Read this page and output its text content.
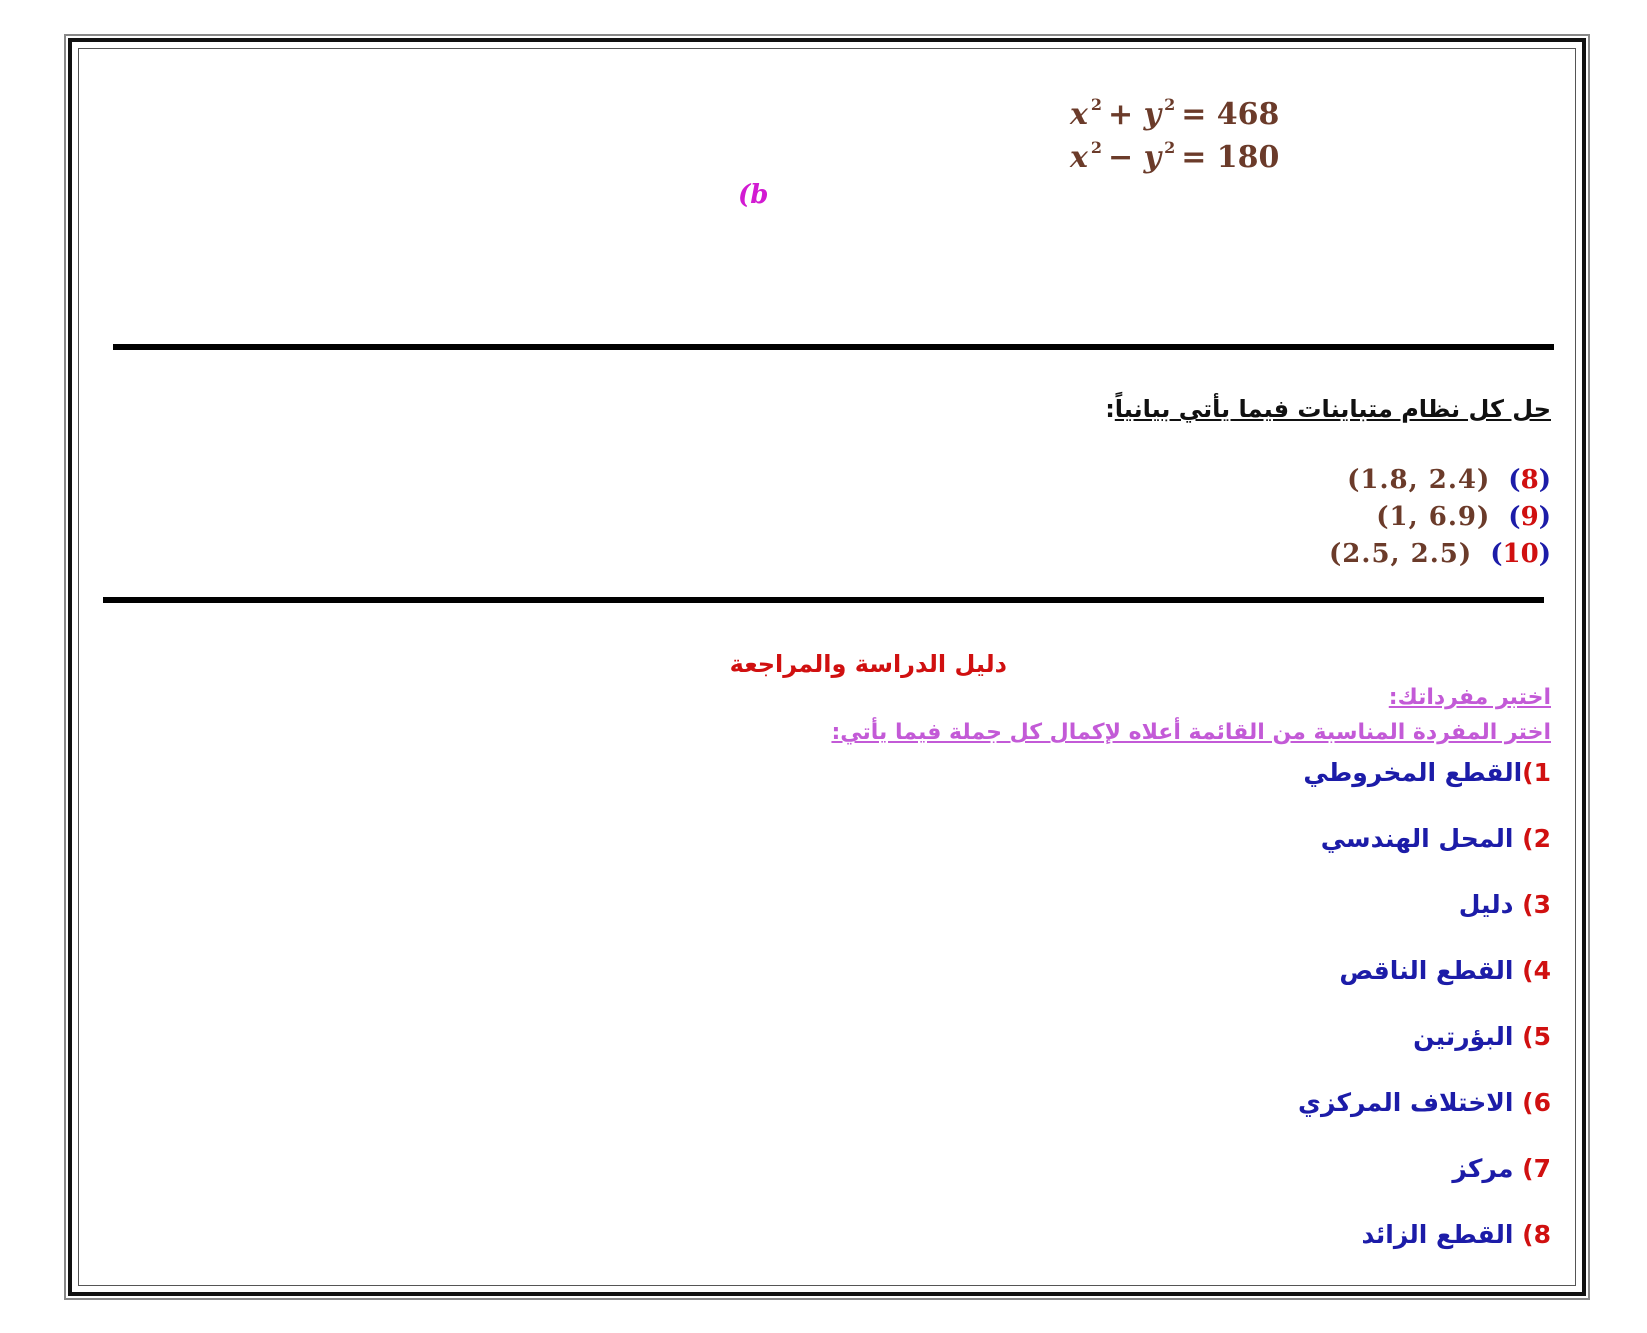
x $^2$ + y $^2$ = 468
x $^2$ − y $^2$ = 180
(b
حل كل نظام متباينات فيما يأتي بيانياً:
(1.8, 2.4) (8)
(1, 6.9) (9)
(2.5, 2.5) (10)
دليل الدراسة والمراجعة
اختبر مفرداتك:
اختر المفردة المناسبة من القائمة أعلاه لإكمال كل جملة فيما يأتي:
1)القطع المخروطي
2) المحل الهندسي
3) دليل
4) القطع الناقص
5) البؤرتين
6) الاختلاف المركزي
7) مركز
8) القطع الزائد
